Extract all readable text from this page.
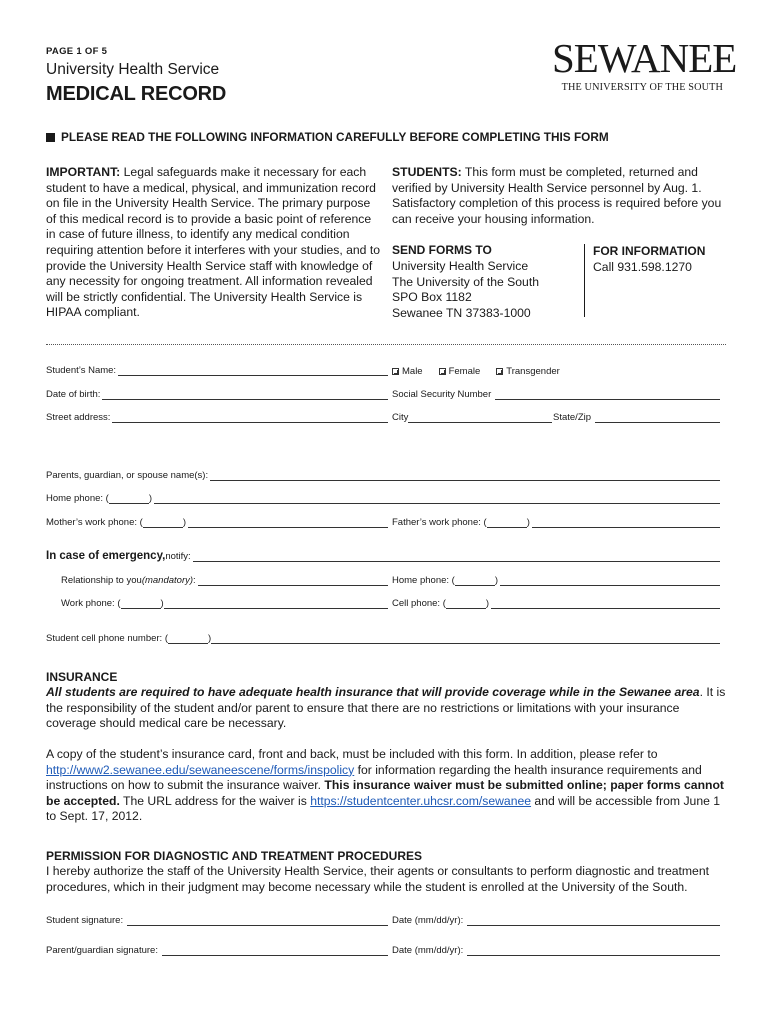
PAGE 1 OF 5
University Health Service
MEDICAL RECORD
SEWANEE
THE UNIVERSITY OF THE SOUTH
PLEASE READ THE FOLLOWING INFORMATION CAREFULLY BEFORE COMPLETING THIS FORM
IMPORTANT: Legal safeguards make it necessary for each student to have a medical, physical, and immunization record on file in the University Health Service. The primary purpose of this medical record is to provide a basic point of reference in case of future illness, to identify any medical condition requiring attention before it interferes with your studies, and to provide the University Health Service staff with knowledge of any necessity for ongoing treatment. All information revealed will be strictly confidential. The University Health Service is HIPAA compliant.
STUDENTS: This form must be completed, returned and verified by University Health Service personnel by Aug. 1. Satisfactory completion of this process is required before you can receive your housing information.
SEND FORMS TO
University Health Service
The University of the South
SPO Box 1182
Sewanee TN 37383-1000
FOR INFORMATION
Call 931.598.1270
Student’s Name:	Male	Female	Transgender
Date of birth:	Social Security Number
Street address:	City	State/Zip
Parents, guardian, or spouse name(s):
Home phone: (	)
Mother’s work phone: (	)	Father’s work phone: (	)
In case of emergency, notify:
Relationship to you (mandatory) :	Home phone: (	)
Work phone: (	)	Cell phone: (	)
Student cell phone number: (	)
INSURANCE
All students are required to have adequate health insurance that will provide coverage while in the Sewanee area. It is the responsibility of the student and/or parent to ensure that there are no restrictions or limitations with your insurance coverage should medical care be necessary.
A copy of the student’s insurance card, front and back, must be included with this form. In addition, please refer to http://www2.sewanee.edu/sewaneescene/forms/inspolicy for information regarding the health insurance requirements and instructions on how to submit the insurance waiver. This insurance waiver must be submitted online; paper forms cannot be accepted. The URL address for the waiver is https://studentcenter.uhcsr.com/sewanee and will be accessible from June 1 to Sept. 17, 2012.
PERMISSION FOR DIAGNOSTIC AND TREATMENT PROCEDURES
I hereby authorize the staff of the University Health Service, their agents or consultants to perform diagnostic and treatment procedures, which in their judgment may become necessary while the student is enrolled at the University of the South.
Student signature:	Date (mm/dd/yr):
Parent/guardian signature:	Date (mm/dd/yr):
